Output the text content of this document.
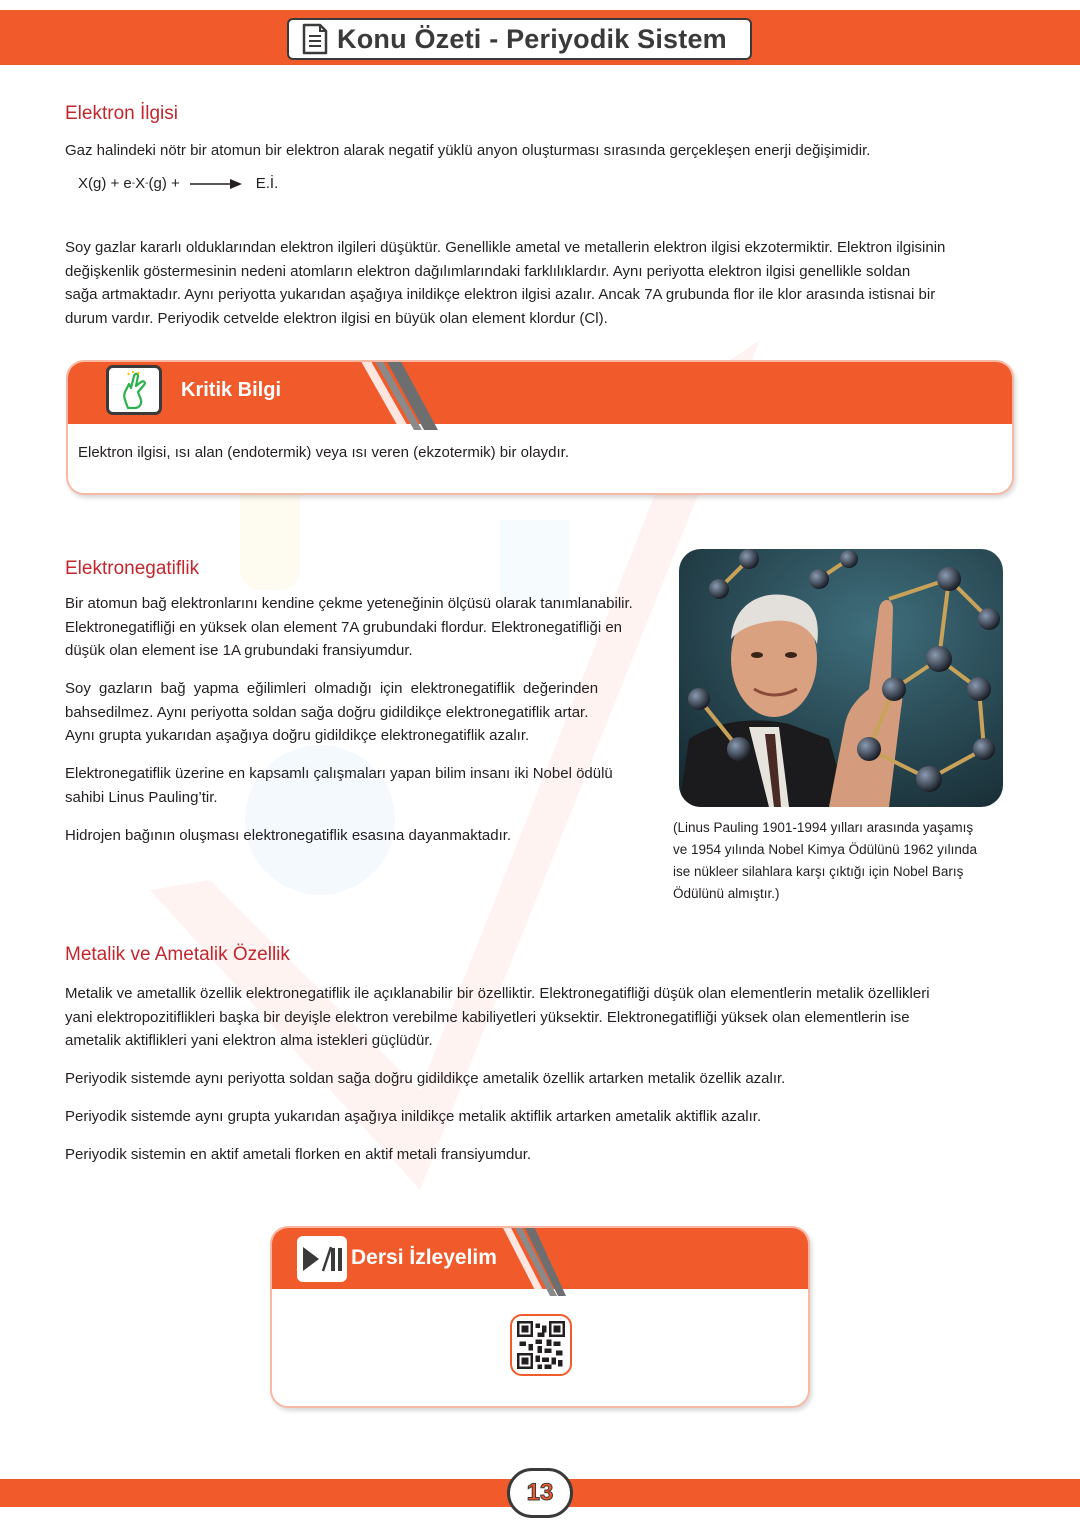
Konu Özeti - Periyodik Sistem
Elektron İlgisi
Gaz halindeki nötr bir atomun bir elektron alarak negatif yüklü anyon oluşturması sırasında gerçekleşen enerji değişimidir.
X(g) + e - X - (g) + → E.İ.
Soy gazlar kararlı olduklarından elektron ilgileri düşüktür. Genellikle ametal ve metallerin elektron ilgisi ekzotermiktir. Elektron ilgisinin
değişkenlik göstermesinin nedeni atomların elektron dağılımlarındaki farklılıklardır. Aynı periyotta elektron ilgisi genellikle soldan
sağa artmaktadır. Aynı periyotta yukarıdan aşağıya inildikçe elektron ilgisi azalır. Ancak 7A grubunda flor ile klor arasında istisnai bir
durum vardır. Periyodik cetvelde elektron ilgisi en büyük olan element klordur (Cl).
Kritik Bilgi
Elektron ilgisi, ısı alan (endotermik) veya ısı veren (ekzotermik) bir olaydır.
Elektronegatiflik
Bir atomun bağ elektronlarını kendine çekme yeteneğinin ölçüsü olarak tanımlanabilir.
Elektronegatifliği en yüksek olan element 7A grubundaki flordur. Elektronegatifliği en
düşük olan element ise 1A grubundaki fransiyumdur.
Soy gazların bağ yapma eğilimleri olmadığı için elektronegatiflik değerinden
bahsedilmez. Aynı periyotta soldan sağa doğru gidildikçe elektronegatiflik artar.
Aynı grupta yukarıdan aşağıya doğru gidildikçe elektronegatiflik azalır.
Elektronegatiflik üzerine en kapsamlı çalışmaları yapan bilim insanı iki Nobel ödülü
sahibi Linus Pauling’tir.
Hidrojen bağının oluşması elektronegatiflik esasına dayanmaktadır.	(Linus Pauling 1901-1994 yılları arasında yaşamış
ve 1954 yılında Nobel Kimya Ödülünü 1962 yılında
ise nükleer silahlara karşı çıktığı için Nobel Barış
Ödülünü almıştır.)
Metalik ve Ametalik Özellik
Metalik ve ametallik özellik elektronegatiflik ile açıklanabilir bir özelliktir. Elektronegatifliği düşük olan elementlerin metalik özellikleri
yani elektropozitiflikleri başka bir deyişle elektron verebilme kabiliyetleri yüksektir. Elektronegatifliği yüksek olan elementlerin ise
ametalik aktiflikleri yani elektron alma istekleri güçlüdür.
Periyodik sistemde aynı periyotta soldan sağa doğru gidildikçe ametalik özellik artarken metalik özellik azalır.
Periyodik sistemde aynı grupta yukarıdan aşağıya inildikçe metalik aktiflik artarken ametalik aktiflik azalır.
Periyodik sistemin en aktif ametali florken en aktif metali fransiyumdur.
Dersi İzleyelim
13
